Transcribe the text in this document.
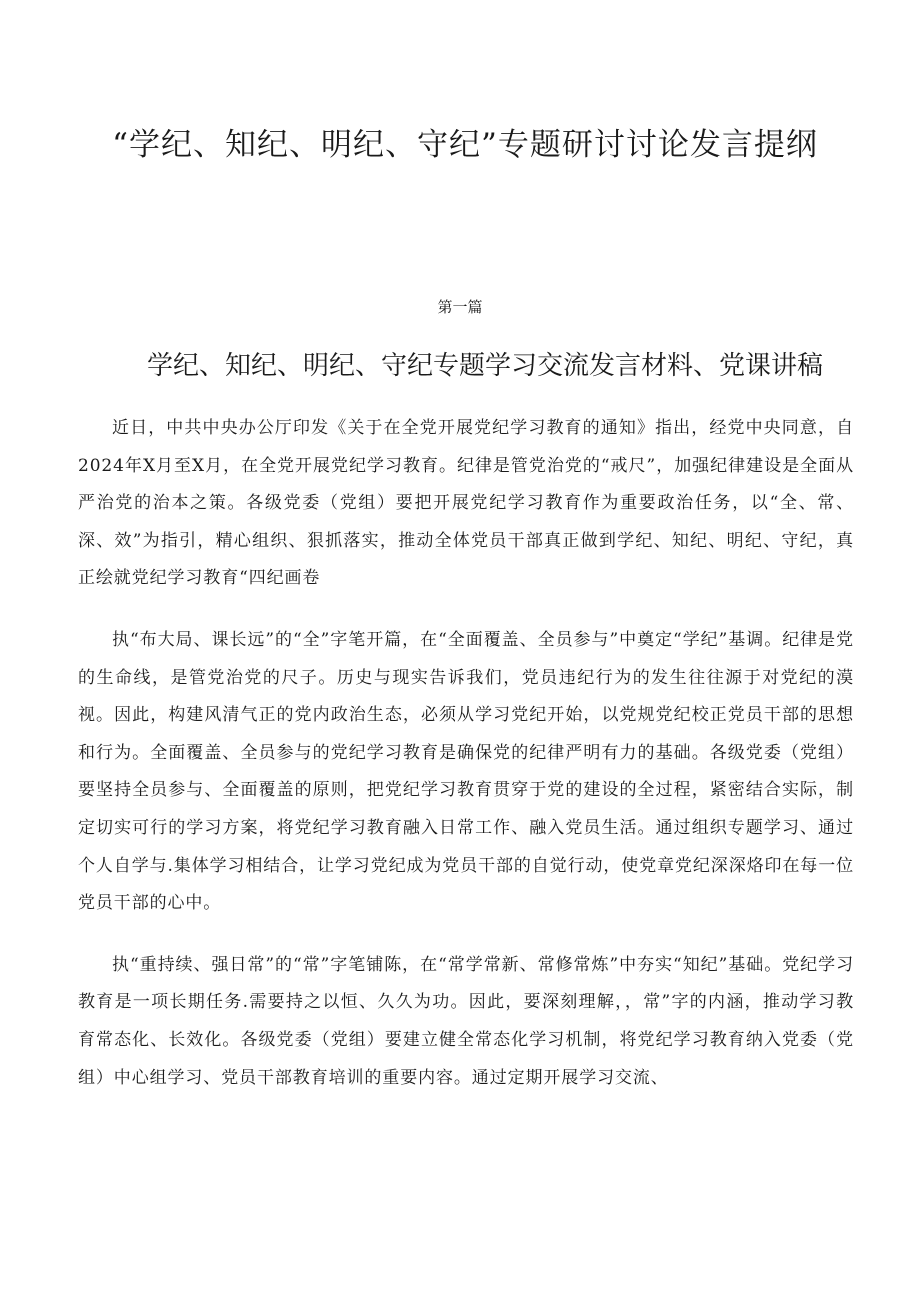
“学纪、知纪、明纪、守纪”专题研讨讨论发言提纲
第一篇
学纪、知纪、明纪、守纪专题学习交流发言材料、党课讲稿

近日，中共中央办公厅印发《关于在全党开展党纪学习教育的通知》指出，经党中央同意，自2024年X月至X月，在全党开展党纪学习教育。纪律是管党治党的“戒尺”，加强纪律建设是全面从严治党的治本之策。各级党委（党组）要把开展党纪学习教育作为重要政治任务，以“全、常、深、效”为指引，精心组织、狠抓落实，推动全体党员干部真正做到学纪、知纪、明纪、守纪，真正绘就党纪学习教育“四纪画卷

执“布大局、课长远”的“全”字笔开篇，在“全面覆盖、全员参与”中奠定“学纪”基调。纪律是党的生命线，是管党治党的尺子。历史与现实告诉我们，党员违纪行为的发生往往源于对党纪的漠视。因此，构建风清气正的党内政治生态，必须从学习党纪开始，以党规党纪校正党员干部的思想和行为。全面覆盖、全员参与的党纪学习教育是确保党的纪律严明有力的基础。各级党委（党组）要坚持全员参与、全面覆盖的原则，把党纪学习教育贯穿于党的建设的全过程，紧密结合实际，制定切实可行的学习方案，将党纪学习教育融入日常工作、融入党员生活。通过组织专题学习、通过个人自学与.集体学习相结合，让学习党纪成为党员干部的自觉行动，使党章党纪深深烙印在每一位党员干部的心中。

执“重持续、强日常”的“常”字笔铺陈，在“常学常新、常修常炼”中夯实“知纪”基础。党纪学习教育是一项长期任务.需要持之以恒、久久为功。因此，要深刻理解，，常”字的内涵，推动学习教育常态化、长效化。各级党委（党组）要建立健全常态化学习机制，将党纪学习教育纳入党委（党组）中心组学习、党员干部教育培训的重要内容。通过定期开展学习交流、
